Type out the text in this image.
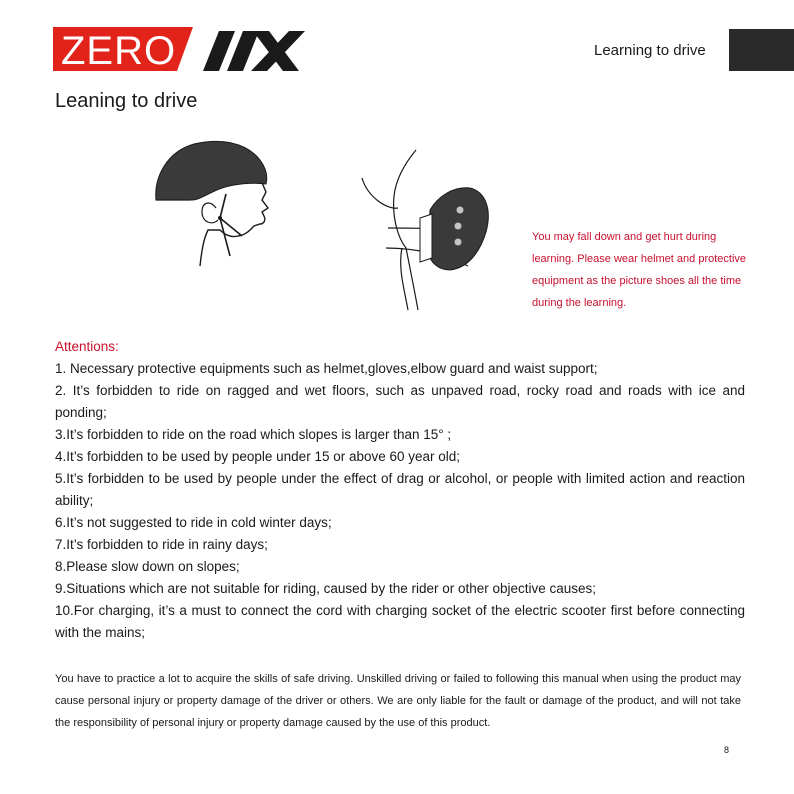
ZERO	Learning to drive
Leaning to drive
You may fall down and get hurt during learning. Please wear helmet and protective equipment as the picture shoes all the time during the learning.
Attentions:
1. Necessary protective equipments such as helmet,gloves,elbow guard and waist support;
2. It’s forbidden to ride on ragged and wet floors, such as unpaved road, rocky road and roads with ice and ponding;
3.It’s forbidden to ride on the road which slopes is larger than 15° ;
4.It’s forbidden to be used by people under 15 or above 60 year old;
5.It’s forbidden to be used by people under the effect of drag or alcohol, or people with limited action and reaction ability;
6.It’s not suggested to ride in cold winter days;
7.It’s forbidden to ride in rainy days;
8.Please slow down on slopes;
9.Situations which are not suitable for riding, caused by the rider or other objective causes;
10.For charging, it’s a must to connect the cord with charging socket of the electric scooter first before connecting with the mains;
You have to practice a lot to acquire the skills of safe driving. Unskilled driving or failed to following this manual when using the product may cause personal injury or property damage of the driver or others. We are only liable for the fault or damage of the product, and will not take the responsibility of personal injury or property damage caused by the use of this product.
8
